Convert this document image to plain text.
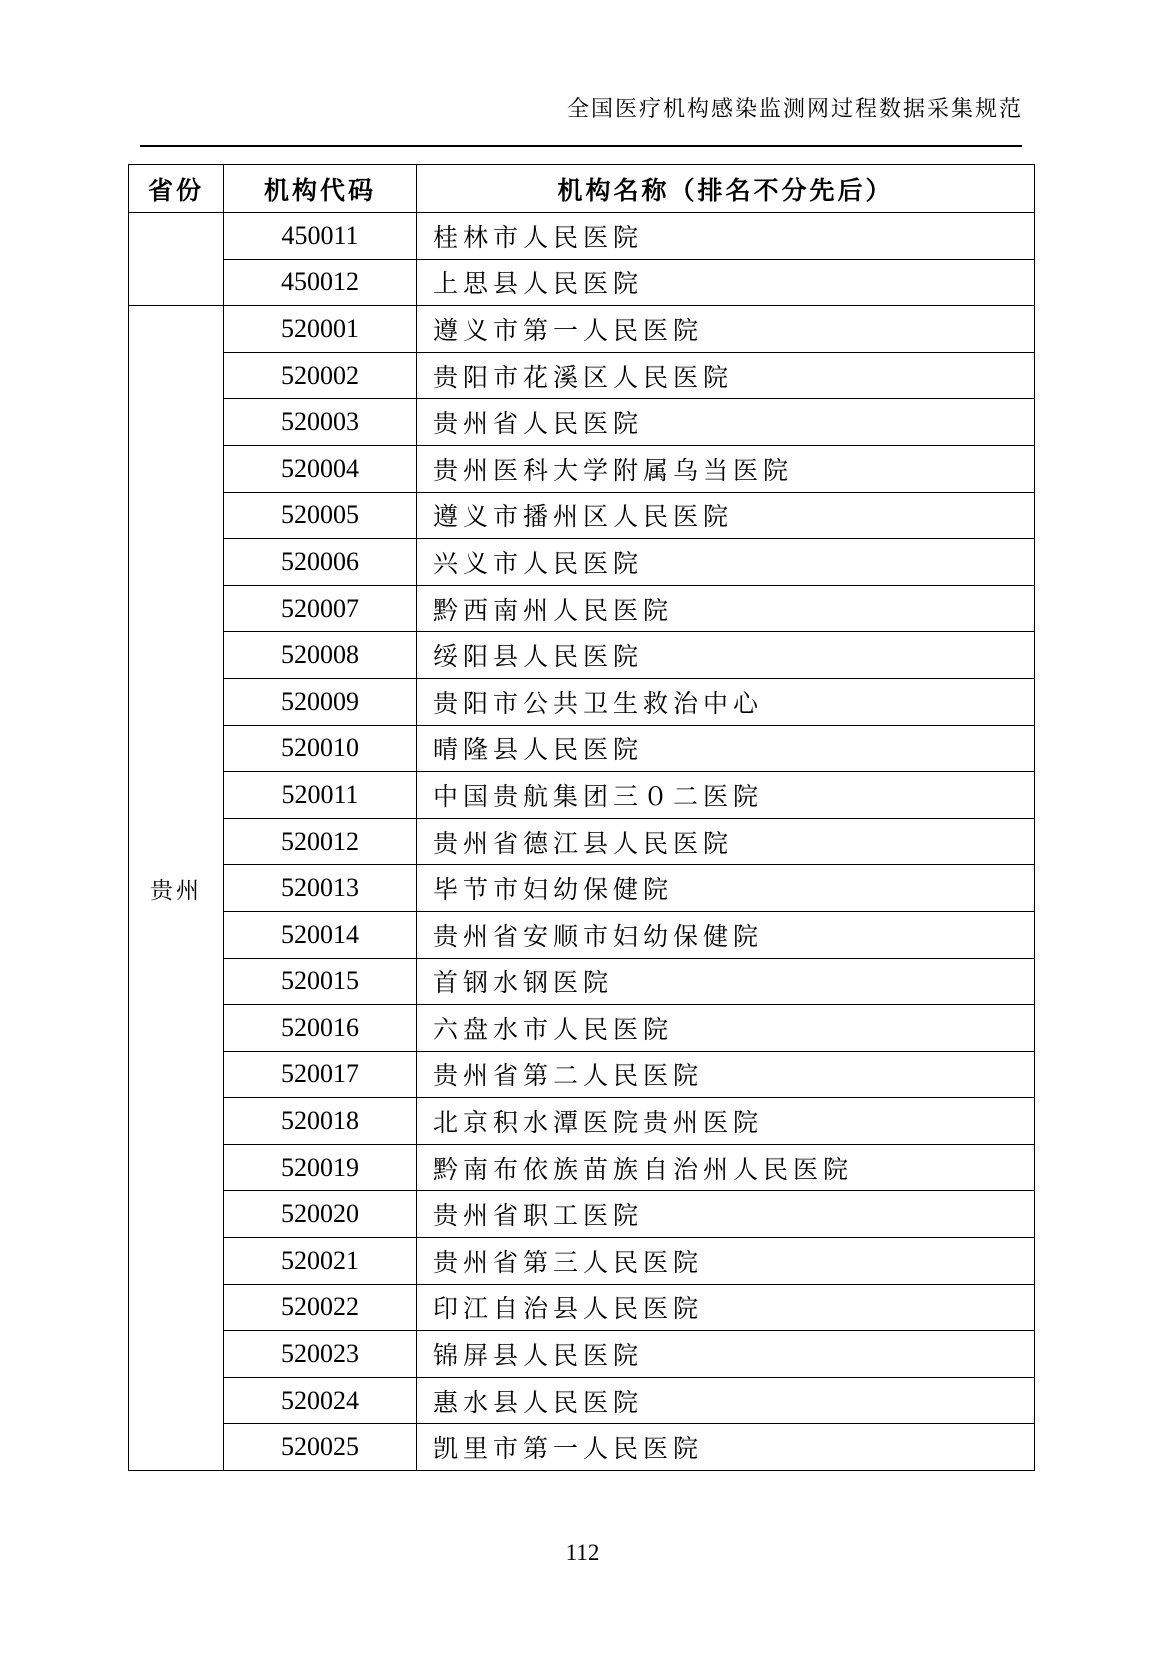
全国医疗机构感染监测网过程数据采集规范
省份	机构代码	机构名称（排名不分先后）
	450011	桂林市人民医院
	450012	上思县人民医院
贵州	520001	遵义市第一人民医院
	520002	贵阳市花溪区人民医院
	520003	贵州省人民医院
	520004	贵州医科大学附属乌当医院
	520005	遵义市播州区人民医院
	520006	兴义市人民医院
	520007	黔西南州人民医院
	520008	绥阳县人民医院
	520009	贵阳市公共卫生救治中心
	520010	晴隆县人民医院
	520011	中国贵航集团三０二医院
	520012	贵州省德江县人民医院
	520013	毕节市妇幼保健院
	520014	贵州省安顺市妇幼保健院
	520015	首钢水钢医院
	520016	六盘水市人民医院
	520017	贵州省第二人民医院
	520018	北京积水潭医院贵州医院
	520019	黔南布依族苗族自治州人民医院
	520020	贵州省职工医院
	520021	贵州省第三人民医院
	520022	印江自治县人民医院
	520023	锦屏县人民医院
	520024	惠水县人民医院
	520025	凯里市第一人民医院
112
